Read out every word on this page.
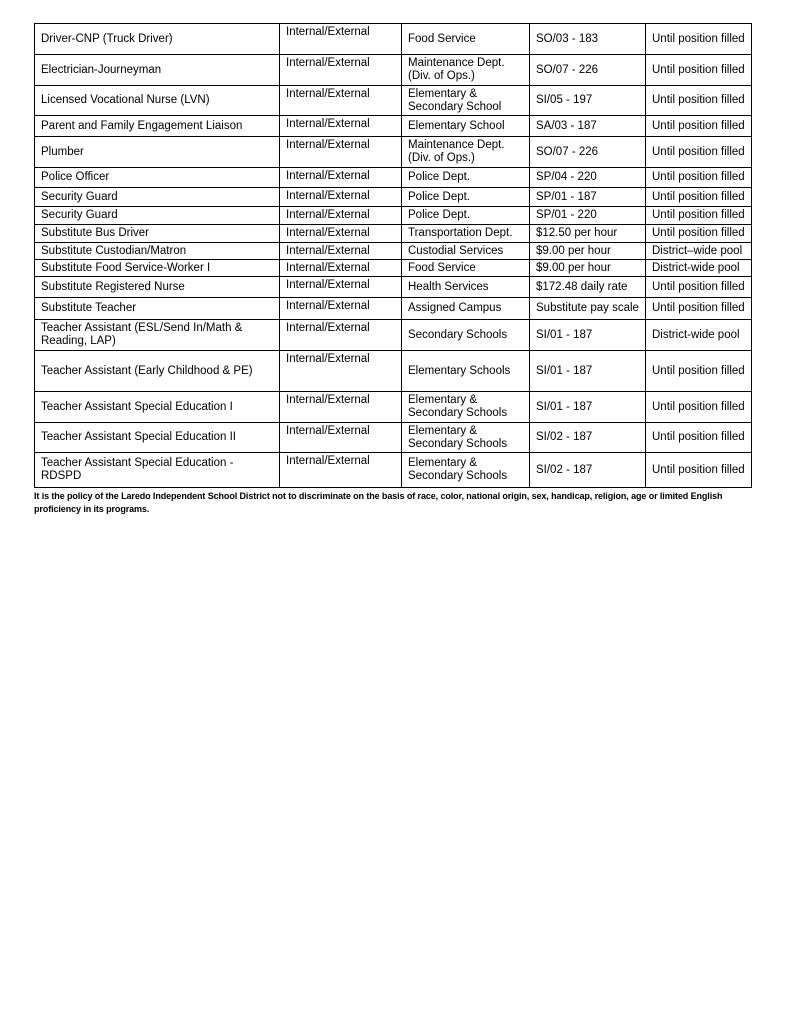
Driver-CNP (Truck Driver)	Internal/External	Food Service	SO/03 - 183	Until position filled
Electrician-Journeyman	Internal/External	Maintenance Dept. (Div. of Ops.)	SO/07 - 226	Until position filled
Licensed Vocational Nurse (LVN)	Internal/External	Elementary & Secondary School	SI/05 - 197	Until position filled
Parent and Family Engagement Liaison	Internal/External	Elementary School	SA/03 - 187	Until position filled
Plumber	Internal/External	Maintenance Dept. (Div. of Ops.)	SO/07 - 226	Until position filled
Police Officer	Internal/External	Police Dept.	SP/04 - 220	Until position filled
Security Guard	Internal/External	Police Dept.	SP/01 - 187	Until position filled
Security Guard	Internal/External	Police Dept.	SP/01 - 220	Until position filled
Substitute Bus Driver	Internal/External	Transportation Dept.	$12.50 per hour	Until position filled
Substitute Custodian/Matron	Internal/External	Custodial Services	$9.00 per hour	District–wide pool
Substitute Food Service-Worker I	Internal/External	Food Service	$9.00 per hour	District-wide pool
Substitute Registered Nurse	Internal/External	Health Services	$172.48 daily rate	Until position filled
Substitute Teacher	Internal/External	Assigned Campus	Substitute pay scale	Until position filled
Teacher Assistant (ESL/Send In/Math & Reading, LAP)	Internal/External	Secondary Schools	SI/01 - 187	District-wide pool
Teacher Assistant (Early Childhood & PE)	Internal/External	Elementary Schools	SI/01 - 187	Until position filled
Teacher Assistant Special Education I	Internal/External	Elementary & Secondary Schools	SI/01 - 187	Until position filled
Teacher Assistant Special Education II	Internal/External	Elementary & Secondary Schools	SI/02 - 187	Until position filled
Teacher Assistant Special Education - RDSPD	Internal/External	Elementary & Secondary Schools	SI/02 - 187	Until position filled
It is the policy of the Laredo Independent School District not to discriminate on the basis of race, color, national origin, sex, handicap, religion, age or limited English proficiency in its programs.
